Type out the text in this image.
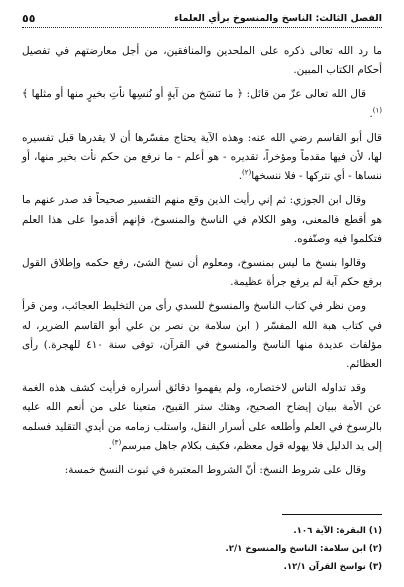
الفصل الثالث: الناسخ والمنسوخ برأي العلماء
٥٥

ما رد الله تعالى ذكره على الملحدين والمنافقين، من أجل معارضتهم في تفصيل أحكام الكتاب المبين.

قال الله تعالى عزّ من قائل: ﴿ ما نَنسَخ من آيةٍ أو نُنسِها نأتِ بخيرٍ منها أو مثلها ﴾$^{(١)}$.

قال أبو القاسم رضي الله عنه: وهذه الآية يحتاج مفسّرها أن لا يقدرها قبل تفسيره لها، لأن فيها مقدماً ومؤخراً، تقديره - هو أعلم - ما نرفع من حكم نأت بخير منها، أو ننساها - أي نتركها - فلا ننسخها$^{(٢)}$.

وقال ابن الجوزي: ثم إني رأيت الذين وقع منهم التفسير صحيحاً قد صدر عنهم ما هو أقطع فالمعنى، وهو الكلام في الناسخ والمنسوخ، فإنهم أقدموا على هذا العلم فتكلموا فيه وصنّفوه.

وقالوا بنسخ ما ليس بمنسوخ، ومعلوم أن نسخ الشئ، رفع حكمه وإطلاق القول برفع حكم آية لم يرفع جرأة عظيمة.

ومن نظر في كتاب الناسخ والمنسوخ للسدي رأى من التخليط العجائب، ومن قرأ في كتاب هبة الله المفسّر ( ابن سلامة بن نصر بن علي أبو القاسم الضرير، له مؤلفات عديدة منها الناسخ والمنسوخ في القرآن، توفى سنة ٤١٠ للهجرة.) رأى العظائم.

وقد تداوله الناس لاختصاره، ولم يفهموا دقائق أسراره فرأيت كشف هذه الغمة عن الأمة ببيان إيضاح الصحيح، وهتك ستر القبيح، متعينا على من أنعم الله عليه بالرسوخ في العلم وأطلعه على أسرار النقل، واستلب زمامه من أيدي التقليد فسلمه إلى يد الدليل فلا يهوله قول معظم، فكيف بكلام جاهل مبرسم$^{(٣)}$.

وقال على شروط النسخ: أنّ الشروط المعتبرة في ثبوت النسخ خمسة:

(١) البقرة: الآية ١٠٦.
(٢) ابن سلامة: الناسخ والمنسوخ ٢/١.
(٣) نواسخ القرآن ١٢/١.
